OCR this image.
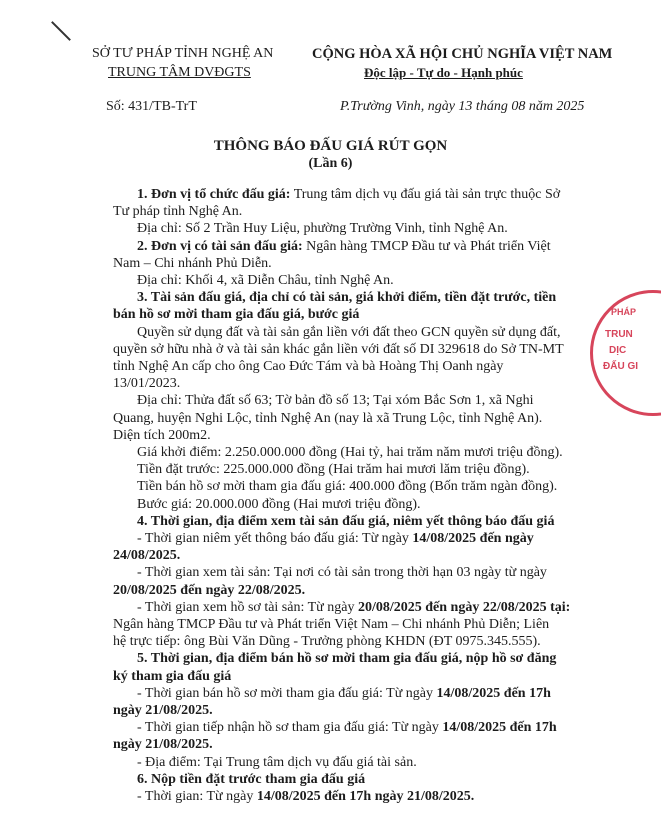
SỞ TƯ PHÁP TỈNH NGHỆ AN
TRUNG TÂM DVĐGTS
CỘNG HÒA XÃ HỘI CHỦ NGHĨA VIỆT NAM
Độc lập - Tự do - Hạnh phúc
Số: 431/TB-TrT	P.Trường Vinh, ngày 13 tháng 08 năm 2025
THÔNG BÁO ĐẤU GIÁ RÚT GỌN
(Lần 6)
1. Đơn vị tổ chức đấu giá: Trung tâm dịch vụ đấu giá tài sản trực thuộc Sở
Tư pháp tỉnh Nghệ An.
Địa chỉ: Số 2 Trần Huy Liệu, phường Trường Vinh, tỉnh Nghệ An.
2. Đơn vị có tài sản đấu giá: Ngân hàng TMCP Đầu tư và Phát triển Việt
Nam – Chi nhánh Phủ Diễn.
Địa chỉ: Khối 4, xã Diễn Châu, tỉnh Nghệ An.
3. Tài sản đấu giá, địa chỉ có tài sản, giá khởi điểm, tiền đặt trước, tiền
bán hồ sơ mời tham gia đấu giá, bước giá
Quyền sử dụng đất và tài sản gắn liền với đất theo GCN quyền sử dụng đất,
quyền sở hữu nhà ở và tài sản khác gắn liền với đất số DI 329618 do Sở TN-MT
tỉnh Nghệ An cấp cho ông Cao Đức Tám và bà Hoàng Thị Oanh ngày
13/01/2023.
Địa chỉ: Thửa đất số 63; Tờ bản đồ số 13; Tại xóm Bắc Sơn 1, xã Nghi
Quang, huyện Nghi Lộc, tỉnh Nghệ An (nay là xã Trung Lộc, tỉnh Nghệ An).
Diện tích 200m2.
Giá khởi điểm: 2.250.000.000 đồng (Hai tỷ, hai trăm năm mươi triệu đồng).
Tiền đặt trước: 225.000.000 đồng (Hai trăm hai mươi lăm triệu đồng).
Tiền bán hồ sơ mời tham gia đấu giá: 400.000 đồng (Bốn trăm ngàn đồng).
Bước giá: 20.000.000 đồng (Hai mươi triệu đồng).
4. Thời gian, địa điểm xem tài sản đấu giá, niêm yết thông báo đấu giá
- Thời gian niêm yết thông báo đấu giá: Từ ngày 14/08/2025 đến ngày
24/08/2025.
- Thời gian xem tài sản: Tại nơi có tài sản trong thời hạn 03 ngày từ ngày
20/08/2025 đến ngày 22/08/2025.
- Thời gian xem hồ sơ tài sản: Từ ngày 20/08/2025 đến ngày 22/08/2025 tại:
Ngân hàng TMCP Đầu tư và Phát triển Việt Nam – Chi nhánh Phủ Diễn; Liên
hệ trực tiếp: ông Bùi Văn Dũng - Trưởng phòng KHDN (ĐT 0975.345.555).
5. Thời gian, địa điểm bán hồ sơ mời tham gia đấu giá, nộp hồ sơ đăng
ký tham gia đấu giá
- Thời gian bán hồ sơ mời tham gia đấu giá: Từ ngày 14/08/2025 đến 17h
ngày 21/08/2025.
- Thời gian tiếp nhận hồ sơ tham gia đấu giá: Từ ngày 14/08/2025 đến 17h
ngày 21/08/2025.
- Địa điểm: Tại Trung tâm dịch vụ đấu giá tài sản.
6. Nộp tiền đặt trước tham gia đấu giá
- Thời gian: Từ ngày 14/08/2025 đến 17h ngày 21/08/2025.
PHÁP
TRUN
DỊC
ĐẤU GI
